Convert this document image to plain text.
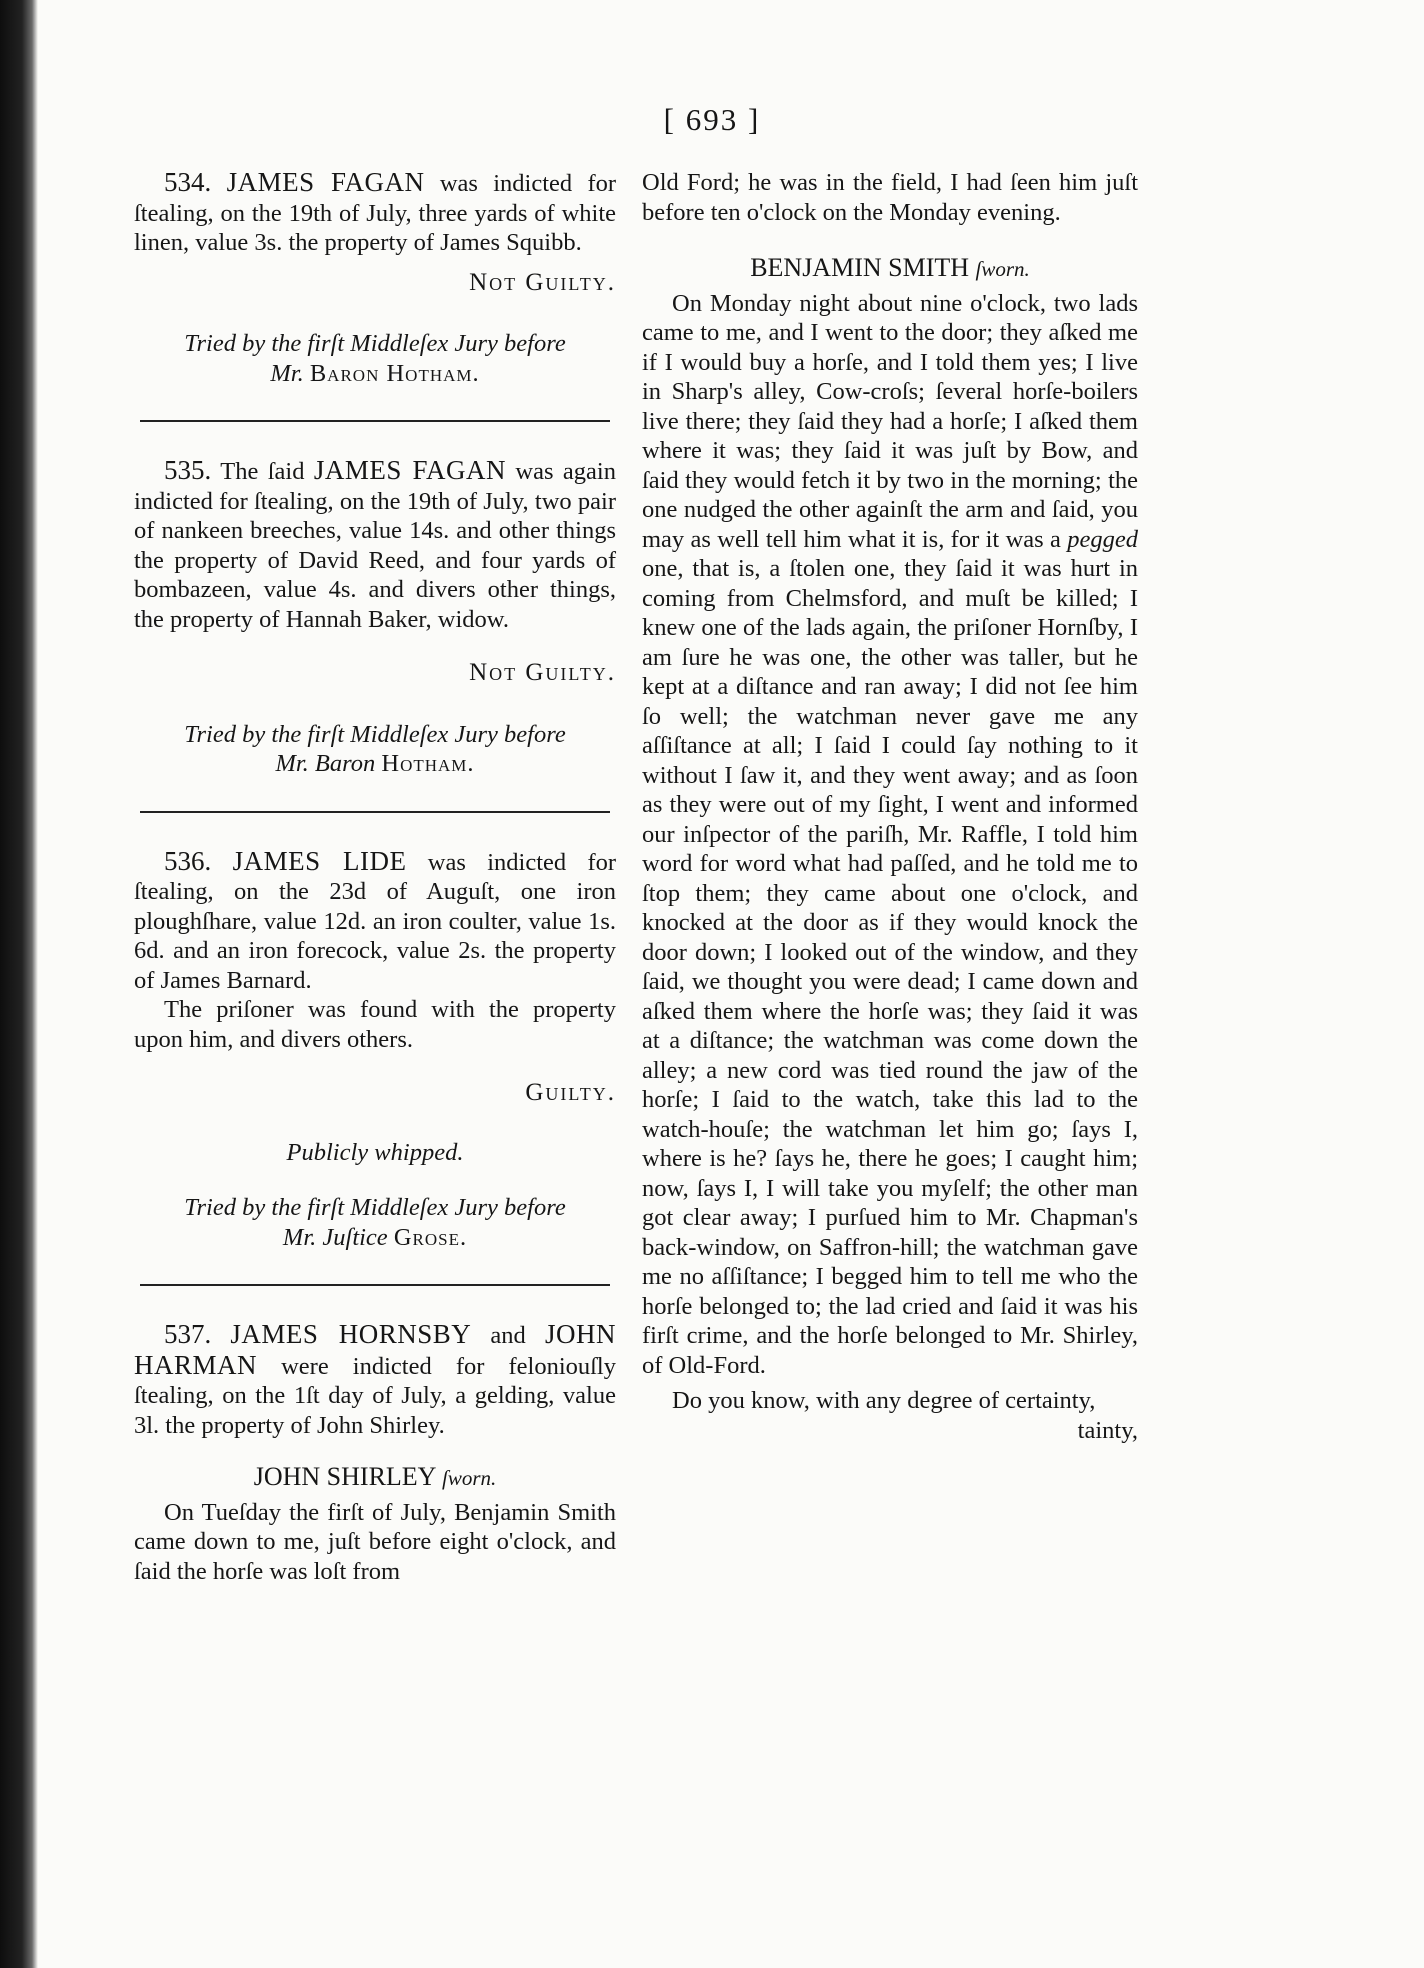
[ 693 ]

534. JAMES FAGAN was indicted for ſtealing, on the 19th of July, three yards of white linen, value 3s. the property of James Squibb.

Not Guilty.

Tried by the firſt Middleſex Jury before
Mr. Baron Hotham.

535. The ſaid JAMES FAGAN was again indicted for ſtealing, on the 19th of July, two pair of nankeen breeches, value 14s. and other things the property of David Reed, and four yards of bombazeen, value 4s. and divers other things, the property of Hannah Baker, widow.

Not Guilty.

Tried by the firſt Middleſex Jury before
Mr. Baron Hotham.

536. JAMES LIDE was indicted for ſtealing, on the 23d of Auguſt, one iron ploughſhare, value 12d. an iron coulter, value 1s. 6d. and an iron forecock, value 2s. the property of James Barnard.

The priſoner was found with the property upon him, and divers others.

Guilty.

Publicly whipped.

Tried by the firſt Middleſex Jury before
Mr. Juſtice Grose.

537. JAMES HORNSBY and JOHN HARMAN were indicted for feloniouſly ſtealing, on the 1ſt day of July, a gelding, value 3l. the property of John Shirley.

JOHN SHIRLEY ſworn.

On Tueſday the firſt of July, Benjamin Smith came down to me, juſt before eight o'clock, and ſaid the horſe was loſt from

Old Ford; he was in the field, I had ſeen him juſt before ten o'clock on the Monday evening.

BENJAMIN SMITH ſworn.

On Monday night about nine o'clock, two lads came to me, and I went to the door; they aſked me if I would buy a horſe, and I told them yes; I live in Sharp's alley, Cow-croſs; ſeveral horſe-boilers live there; they ſaid they had a horſe; I aſked them where it was; they ſaid it was juſt by Bow, and ſaid they would fetch it by two in the morning; the one nudged the other againſt the arm and ſaid, you may as well tell him what it is, for it was a pegged one, that is, a ſtolen one, they ſaid it was hurt in coming from Chelmsford, and muſt be killed; I knew one of the lads again, the priſoner Hornſby, I am ſure he was one, the other was taller, but he kept at a diſtance and ran away; I did not ſee him ſo well; the watchman never gave me any aſſiſtance at all; I ſaid I could ſay nothing to it without I ſaw it, and they went away; and as ſoon as they were out of my ſight, I went and informed our inſpector of the pariſh, Mr. Raffle, I told him word for word what had paſſed, and he told me to ſtop them; they came about one o'clock, and knocked at the door as if they would knock the door down; I looked out of the window, and they ſaid, we thought you were dead; I came down and aſked them where the horſe was; they ſaid it was at a diſtance; the watchman was come down the alley; a new cord was tied round the jaw of the horſe; I ſaid to the watch, take this lad to the watch-houſe; the watchman let him go; ſays I, where is he? ſays he, there he goes; I caught him; now, ſays I, I will take you myſelf; the other man got clear away; I purſued him to Mr. Chapman's back-window, on Saffron-hill; the watchman gave me no aſſiſtance; I begged him to tell me who the horſe belonged to; the lad cried and ſaid it was his firſt crime, and the horſe belonged to Mr. Shirley, of Old-Ford.

Do you know, with any degree of certainty,

tainty,
